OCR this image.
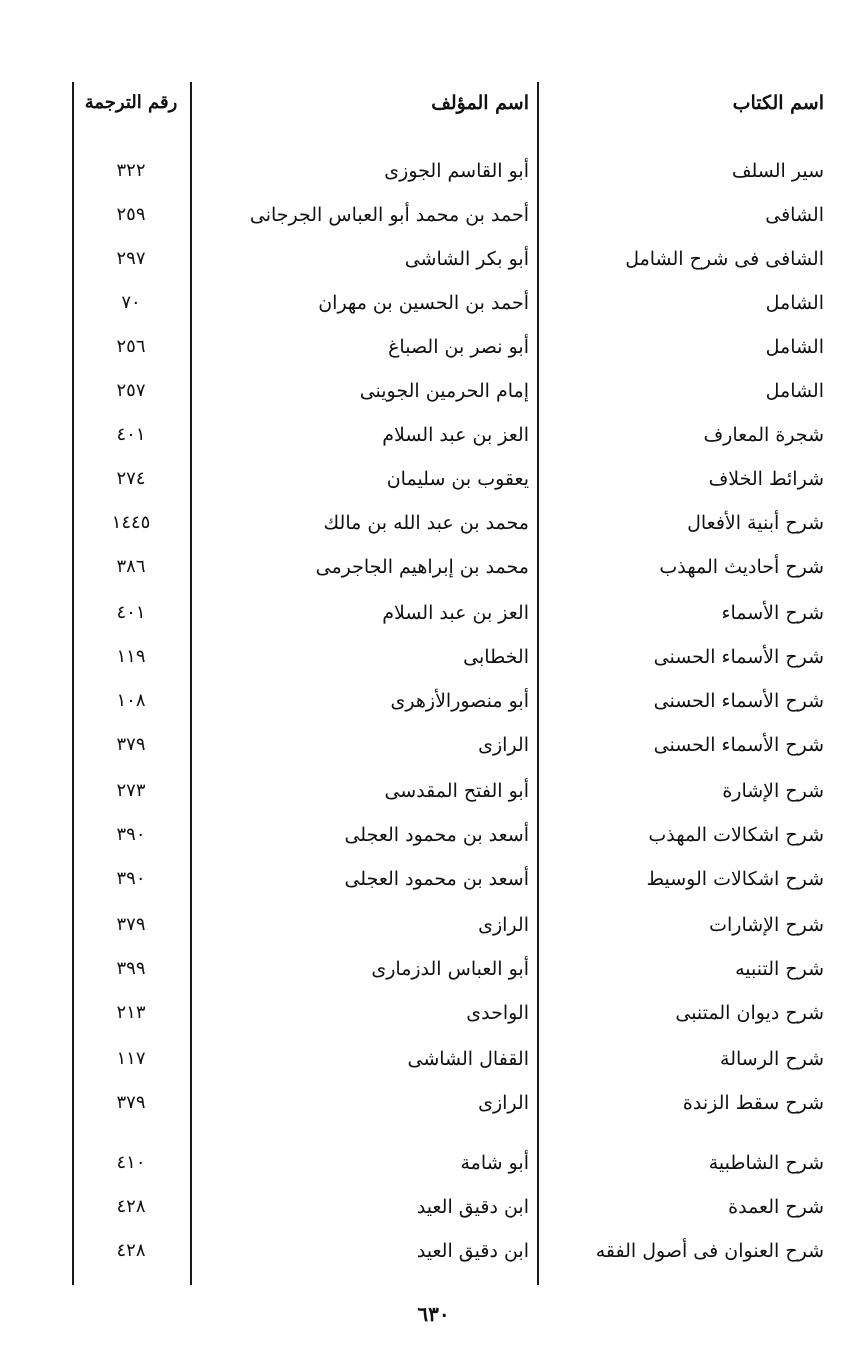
اسم الكتاب
اسم المؤلف
رقم الترجمة
سير السلف
أبو القاسم الجوزى
٣٢٢
الشافى
أحمد بن محمد أبو العباس الجرجانى
٢٥٩
الشافى فى شرح الشامل
أبو بكر الشاشى
٢٩٧
الشامل
أحمد بن الحسين بن مهران
٧٠
الشامل
أبو نصر بن الصباغ
٢٥٦
الشامل
إمام الحرمين الجوينى
٢٥٧
شجرة المعارف
العز بن عبد السلام
٤٠١
شرائط الخلاف
يعقوب بن سليمان
٢٧٤
شرح أبنية الأفعال
محمد بن عبد الله بن مالك
١٤٤٥
شرح أحاديث المهذب
محمد بن إبراهيم الجاجرمى
٣٨٦
شرح الأسماء
العز بن عبد السلام
٤٠١
شرح الأسماء الحسنى
الخطابى
١١٩
شرح الأسماء الحسنى
أبو منصورالأزهرى
١٠٨
شرح الأسماء الحسنى
الرازى
٣٧٩
شرح الإشارة
أبو الفتح المقدسى
٢٧٣
شرح اشكالات المهذب
أسعد بن محمود العجلى
٣٩٠
شرح اشكالات الوسيط
أسعد بن محمود العجلى
٣٩٠
شرح الإشارات
الرازى
٣٧٩
شرح التنبيه
أبو العباس الدزمارى
٣٩٩
شرح ديوان المتنبى
الواحدى
٢١٣
شرح الرسالة
القفال الشاشى
١١٧
شرح سقط الزندة
الرازى
٣٧٩
شرح الشاطبية
أبو شامة
٤١٠
شرح العمدة
ابن دقيق العيد
٤٢٨
شرح العنوان فى أصول الفقه
ابن دقيق العيد
٤٢٨
٦٣٠
